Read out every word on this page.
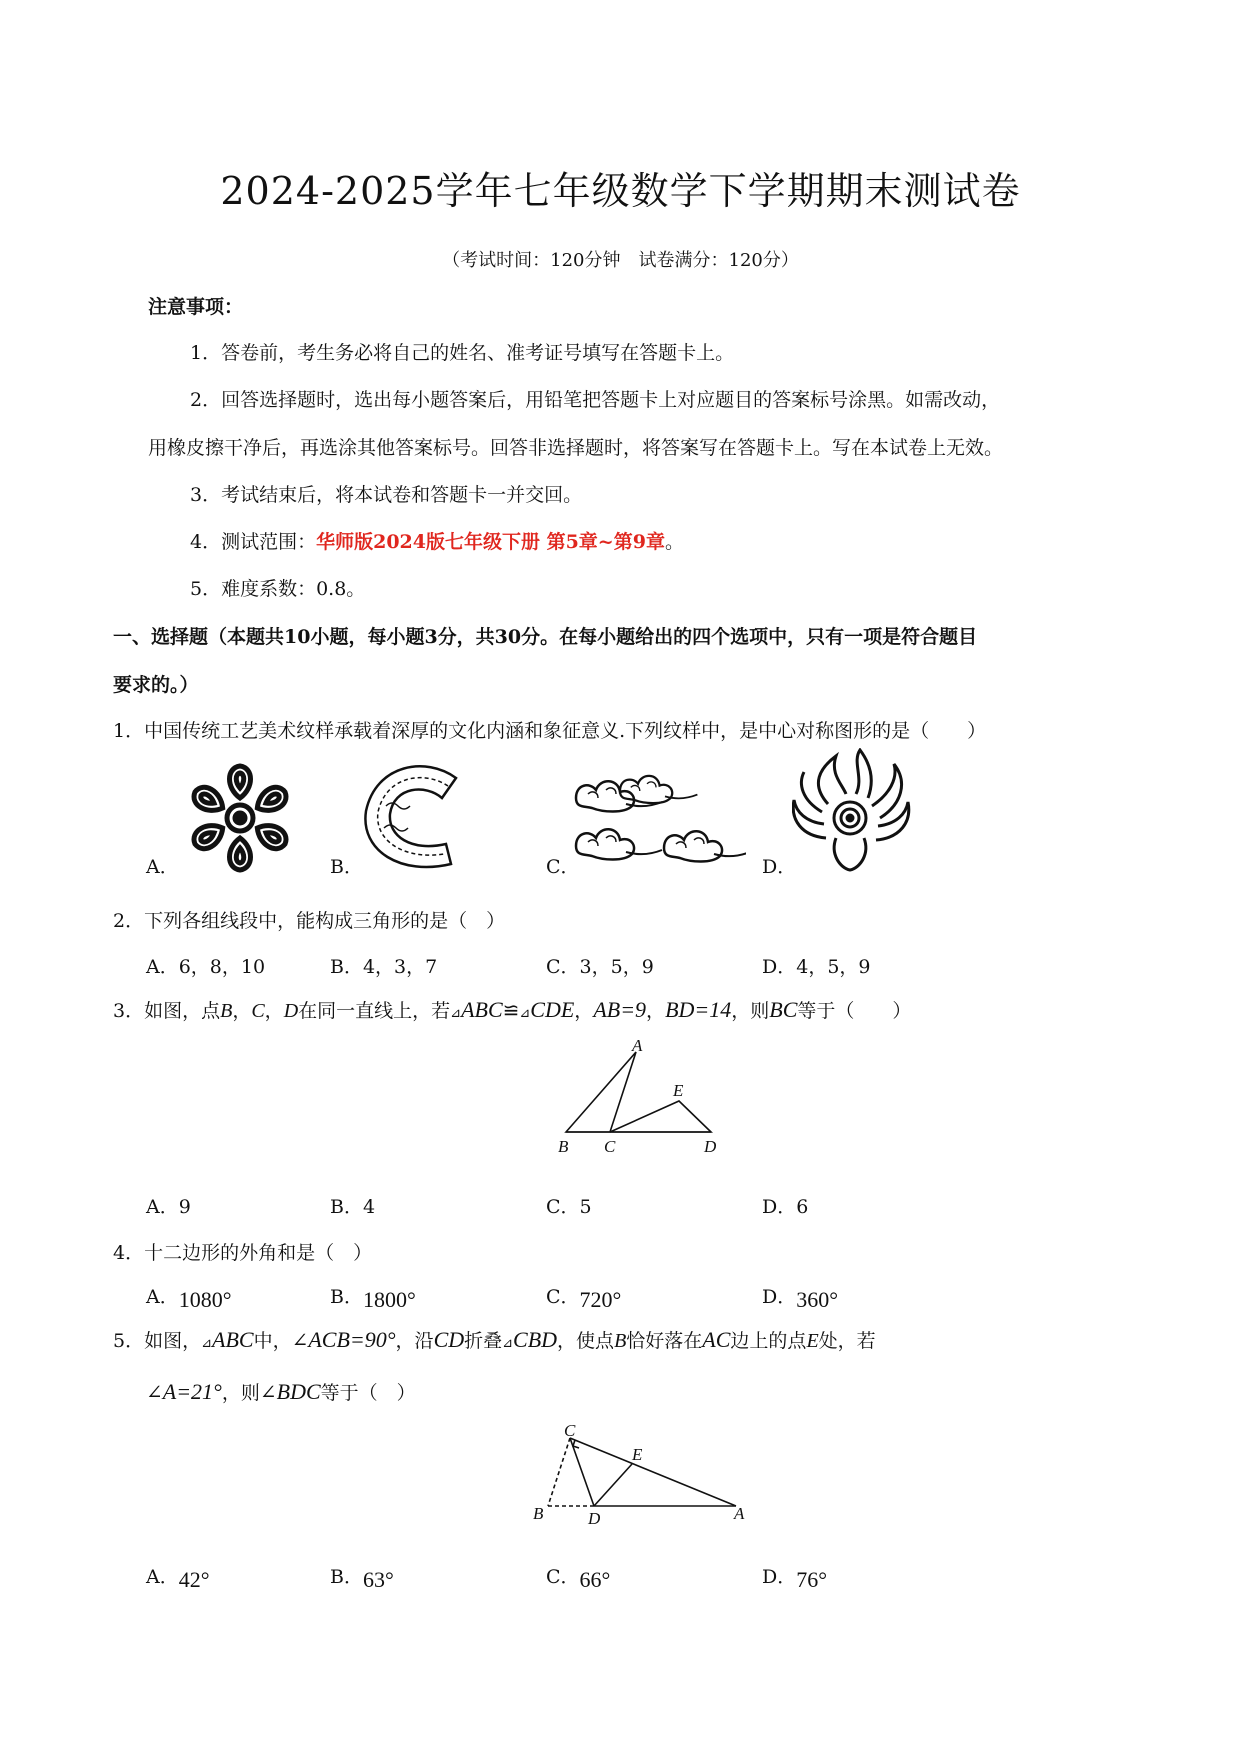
2024-2025学年七年级数学下学期期末测试卷
（考试时间：120分钟　试卷满分：120分）
注意事项：
1．答卷前，考生务必将自己的姓名、准考证号填写在答题卡上。
2．回答选择题时，选出每小题答案后，用铅笔把答题卡上对应题目的答案标号涂黑。如需改动，
用橡皮擦干净后，再选涂其他答案标号。回答非选择题时，将答案写在答题卡上。写在本试卷上无效。
3．考试结束后，将本试卷和答题卡一并交回。
4．测试范围：华师版2024版七年级下册 第5章~第9章。
5．难度系数：0.8。
一、选择题（本题共10小题，每小题3分，共30分。在每小题给出的四个选项中，只有一项是符合题目
要求的。）
1．中国传统工艺美术纹样承载着深厚的文化内涵和象征意义.下列纹样中，是中心对称图形的是（　　）
A．	B．	C．	D．
2．下列各组线段中，能构成三角形的是（　）
A．6，8，10	B．4，3，7	C．3，5，9	D．4，5，9
3．如图，点B，C，D在同一直线上，若⊿ABC≌⊿CDE，AB=9，BD=14，则BC等于（　　）
A
B C	D
E
A．9	B．4	C．5	D．6
4．十二边形的外角和是（　）
A．1080°	B．1800°	C．720°	D．360°
5．如图，⊿ABC中，∠ACB=90°，沿CD折叠⊿CBD，使点B恰好落在AC边上的点E处，若
∠A=21°，则∠BDC等于（　）
C
E
B	D	A
A．42°	B．63°	C．66°	D．76°
